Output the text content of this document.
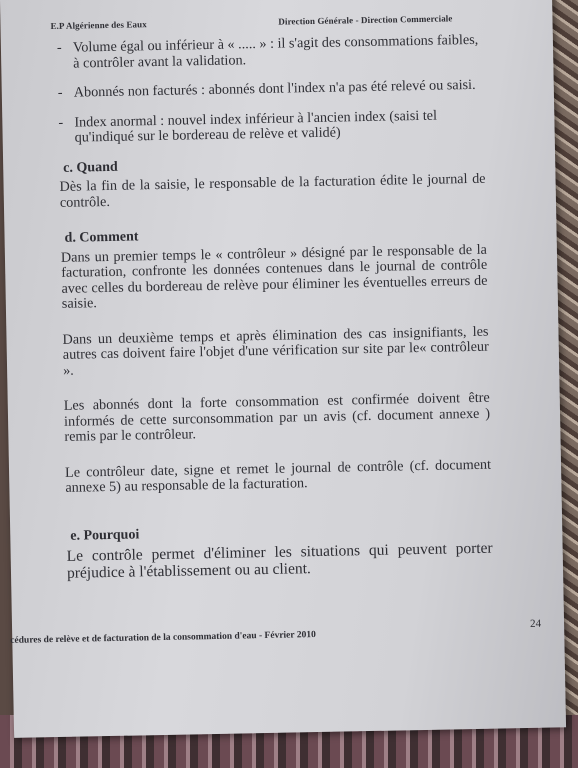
E.P Algérienne des Eaux	Direction Générale - Direction Commerciale
- Volume égal ou inférieur à « ..... » : il s'agit des consommations faibles, à contrôler avant la validation.
- Abonnés non facturés : abonnés dont l'index n'a pas été relevé ou saisi.
- Index anormal : nouvel index inférieur à l'ancien index (saisi tel qu'indiqué sur le bordereau de relève et validé)
c. Quand
Dès la fin de la saisie, le responsable de la facturation édite le journal de contrôle.
d. Comment
Dans un premier temps le « contrôleur » désigné par le responsable de la facturation, confronte les données contenues dans le journal de contrôle avec celles du bordereau de relève pour éliminer les éventuelles erreurs de saisie.
Dans un deuxième temps et après élimination des cas insignifiants, les autres cas doivent faire l'objet d'une vérification sur site par le« contrôleur ».
Les abonnés dont la forte consommation est confirmée doivent être informés de cette surconsommation par un avis (cf. document annexe ) remis par le contrôleur.
Le contrôleur date, signe et remet le journal de contrôle (cf. document annexe 5) au responsable de la facturation.
e. Pourquoi
Le contrôle permet d'éliminer les situations qui peuvent porter préjudice à l'établissement ou au client.
cédures de relève et de facturation de la consommation d'eau - Février 2010
24
